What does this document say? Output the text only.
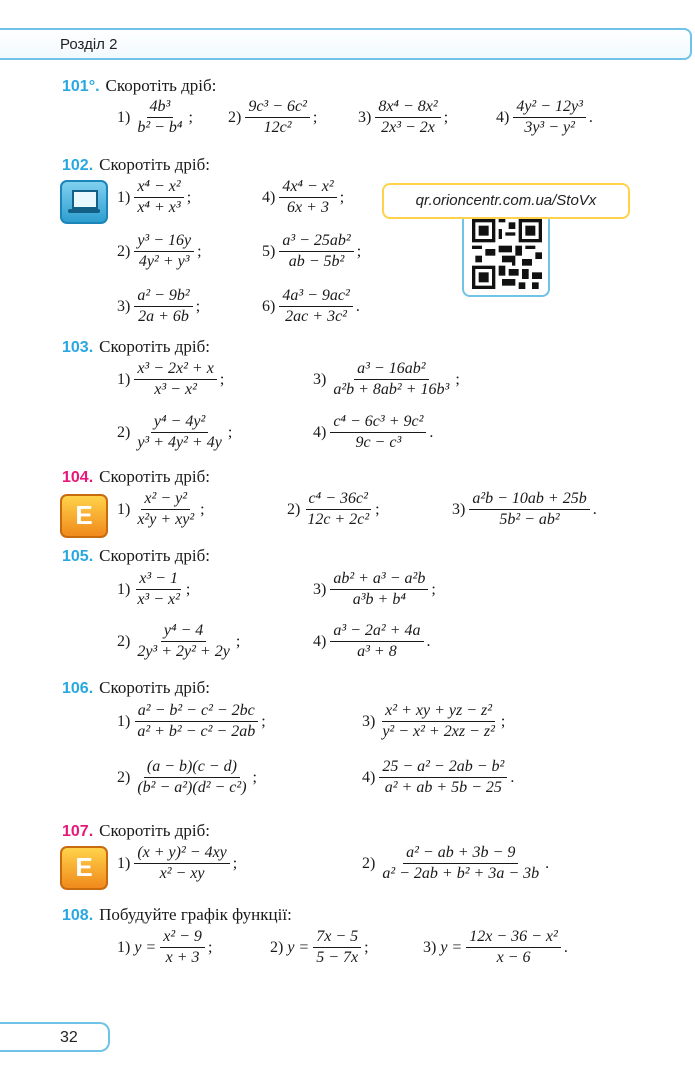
Розділ 2
101°. Скоротіть дріб:
$1) \frac{\text{4b³}}{\text{b² − b⁴}}$ ; $2) \frac{\text{9c³ − 6c²}}{\text{12c²}}$ ;	$3) \frac{\text{8x⁴ − 8x²}}{\text{2x³ − 2x}}$ ;	$4) \frac{\text{4y² − 12y³}}{\text{3y³ − y²}}$ .
102. Скоротіть дріб:
$1) \frac{\text{x⁴ − x²}}{\text{x⁴ + x³}}$ ;
$2) \frac{\text{y³ − 16y}}{\text{4y² + y³}}$ ;
$3) \frac{\text{a² − 9b²}}{2a + 6b}$ ;
$4) \frac{\text{4x⁴ − x²}}{6x + 3}$ ;
$5) \frac{\text{a³ − 25ab²}}{\text{ab − 5b²}}$ ;
$6) \frac{\text{4a³ − 9ac²}}{\text{2ac + 3c²}}$ .
qr.orioncentr.com.ua/StoVx
103. Скоротіть дріб:
$1) \frac{\text{x³ − 2x² + x}}{\text{x³ − x²}}$ ;
$2) \frac{\text{y⁴ − 4y²}}{\text{y³ + 4y² + 4y}}$ ;
$3) \frac{\text{a³ − 16ab²}}{\text{a²b + 8ab² + 16b³}}$ ;
$4) \frac{\text{c⁴ − 6c³ + 9c²}}{\text{9c − c³}}$ .
104. Скоротіть дріб:
E	$1) \frac{\text{x² − y²}}{\text{x²y + xy²}}$ ;	$2) \frac{\text{c⁴ − 36c²}}{\text{12c + 2c²}}$ ;	$3) \frac{\text{a²b − 10ab + 25b}}{\text{5b² − ab²}}$ .
105. Скоротіть дріб:
$1) \frac{\text{x³ − 1}}{\text{x³ − x²}}$ ;
$2) \frac{\text{y⁴ − 4}}{\text{2y³ + 2y² + 2y}}$ ;
$3) \frac{\text{ab² + a³ − a²b}}{\text{a³b + b⁴}}$ ;
$4) \frac{\text{a³ − 2a² + 4a}}{\text{a³ + 8}}$ .
106. Скоротіть дріб:
$1) \frac{\text{a² − b² − c² − 2bc}}{\text{a² + b² − c² − 2ab}}$ ;
$2) \frac{(a - b)(c - d)}{\text{(b² − a²)(d² − c²)}}$ ;
$3) \frac{\text{x² + xy + yz − z²}}{\text{y² − x² + 2xz − z²}}$ ;
$4) \frac{\text{25 − a² − 2ab − b²}}{\text{a² + ab + 5b − 25}}$ .
107. Скоротіть дріб:
E	$1) \frac{\text{(x + y)² − 4xy}}{\text{x² − xy}}$ ;	$2) \frac{\text{a² − ab + 3b − 9}}{\text{a² − 2ab + b² + 3a − 3b}}$ .
108. Побудуйте графік функції:
1) $y = \frac{\text{x² − 9}}{x + 3}$ ;	2) $y = \frac{7x - 5}{5 - 7x}$ ;	3) $y = \frac{\text{12x − 36 − x²}}{x - 6}$ .
32
